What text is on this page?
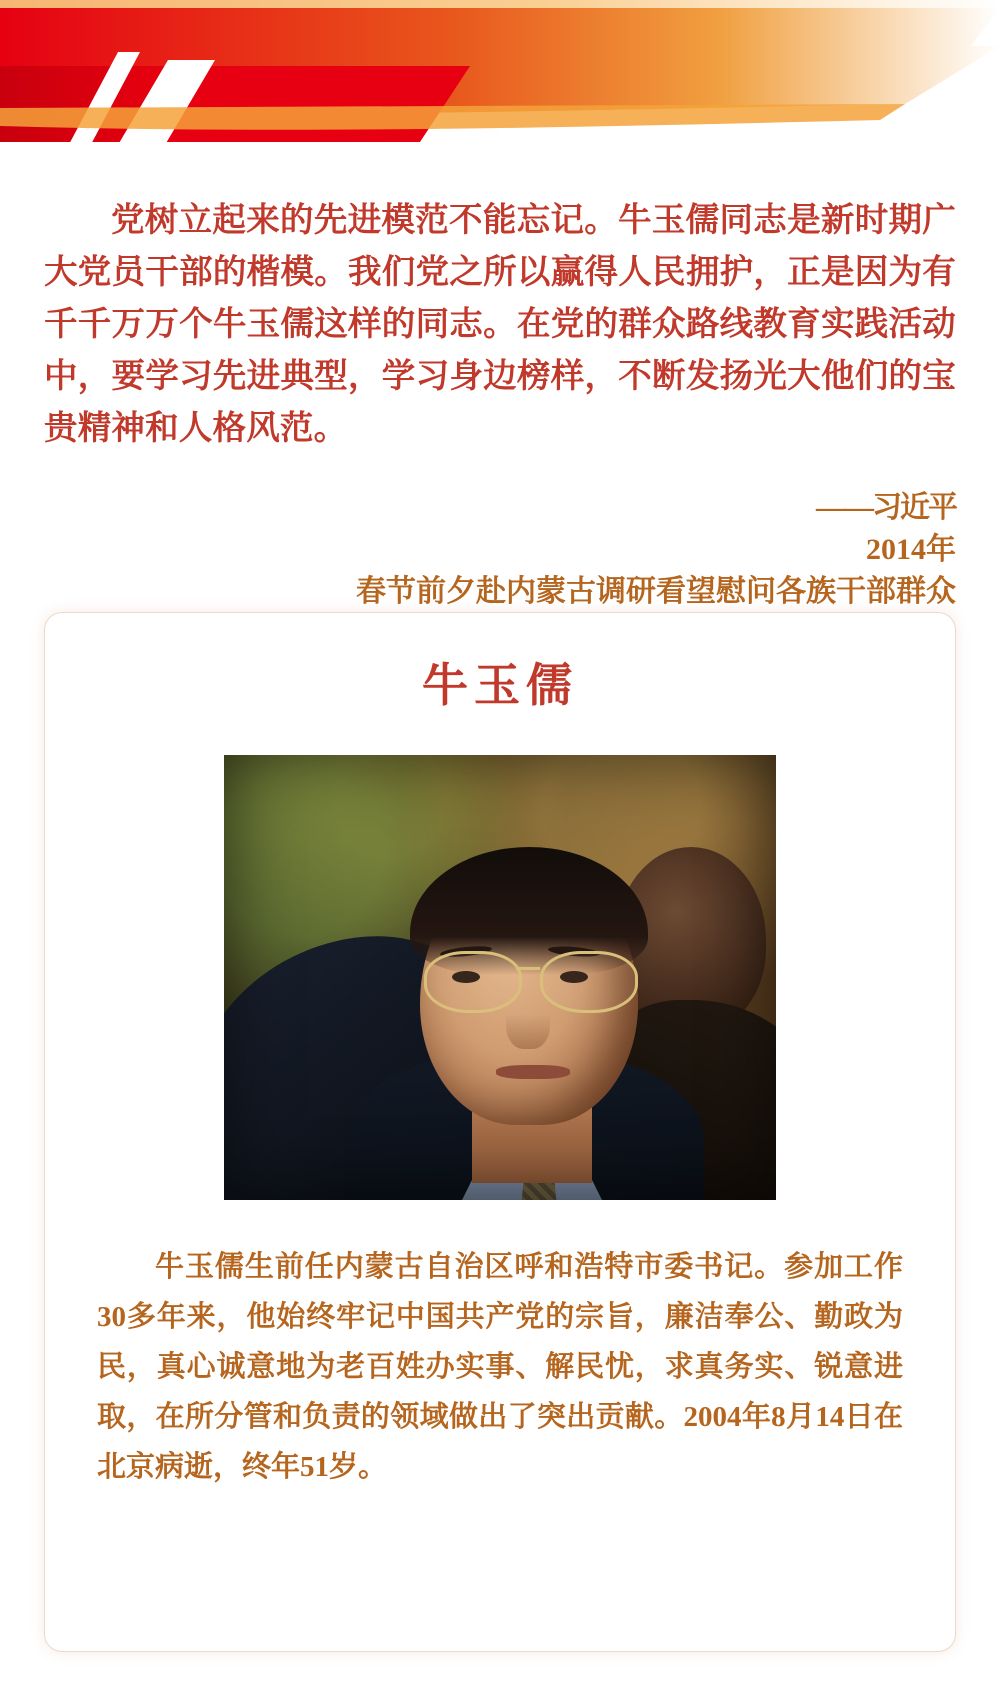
党树立起来的先进模范不能忘记。牛玉儒同志是新时期广大党员干部的楷模。我们党之所以赢得人民拥护，正是因为有千千万万个牛玉儒这样的同志。在党的群众路线教育实践活动中，要学习先进典型，学习身边榜样，不断发扬光大他们的宝贵精神和人格风范。

——习近平
2014年
春节前夕赴内蒙古调研看望慰问各族干部群众
牛玉儒

牛玉儒生前任内蒙古自治区呼和浩特市委书记。参加工作30多年来，他始终牢记中国共产党的宗旨，廉洁奉公、勤政为民，真心诚意地为老百姓办实事、解民忧，求真务实、锐意进取，在所分管和负责的领域做出了突出贡献。2004年8月14日在北京病逝，终年51岁。
